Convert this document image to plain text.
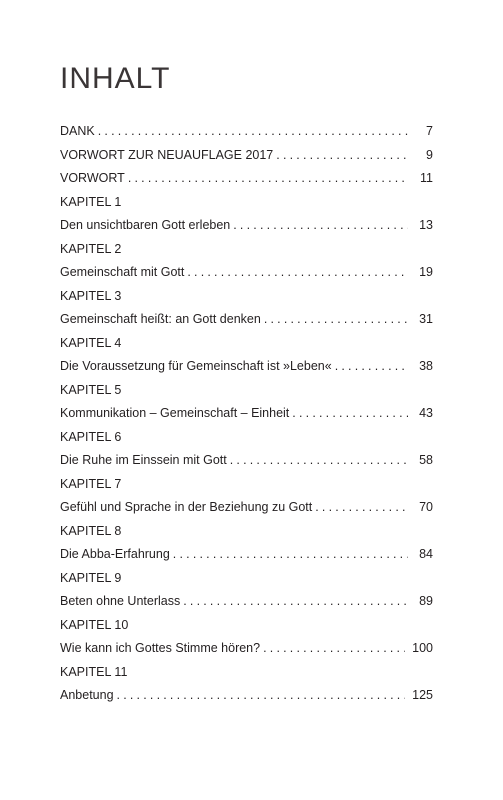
INHALT
DANK .....	7
VORWORT ZUR NEUAUFLAGE 2017 .....	9
VORWORT .....	11
KAPITEL 1
Den unsichtbaren Gott erleben .....	13
KAPITEL 2
Gemeinschaft mit Gott .....	19
KAPITEL 3
Gemeinschaft heißt: an Gott denken .....	31
KAPITEL 4
Die Voraussetzung für Gemeinschaft ist »Leben« .....	38
KAPITEL 5
Kommunikation – Gemeinschaft – Einheit .....	43
KAPITEL 6
Die Ruhe im Einssein mit Gott .....	58
KAPITEL 7
Gefühl und Sprache in der Beziehung zu Gott .....	70
KAPITEL 8
Die Abba-Erfahrung .....	84
KAPITEL 9
Beten ohne Unterlass .....	89
KAPITEL 10
Wie kann ich Gottes Stimme hören? .....	100
KAPITEL 11
Anbetung .....	125
